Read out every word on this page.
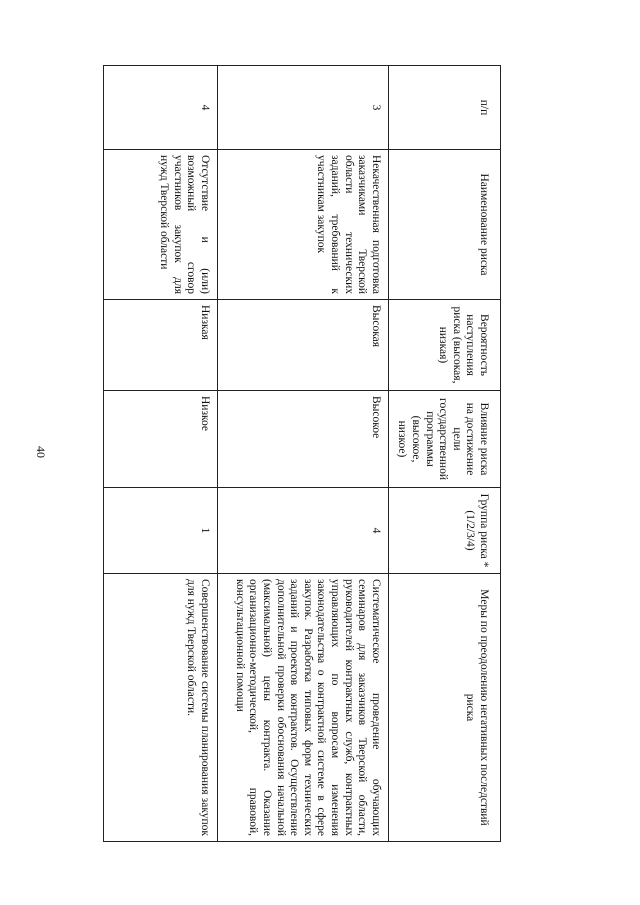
40
п/п	Наименование риска	Вероятность наступления риска (высокая, низкая)	Влияние риска на достижение цели государственной программы (высокое, низкое)	Группа риска * (1/2/3/4)	Меры по преодолению негативных последствий риска
3	Некачественная подготовка заказчиками Тверской области технических заданий, требований к участникам закупок	Высокая	Высокое	4	Систематическое проведение обучающих семинаров для заказчиков Тверской области, руководителей контрактных служб, контрактных управляющих по вопросам изменения законодательства о контрактной системе в сфере закупок. Разработка типовых форм технических заданий и проектов контрактов. Осуществление дополнительной проверки обоснования начальной (максимальной) цены контракта. Оказание организационно-методической, правовой, консультационной помощи
4	Отсутствие и (или) возможный сговор участников закупок для нужд Тверской области	Низкая	Низкое	1	Совершенствование системы планирования закупок для нужд Тверской области.
